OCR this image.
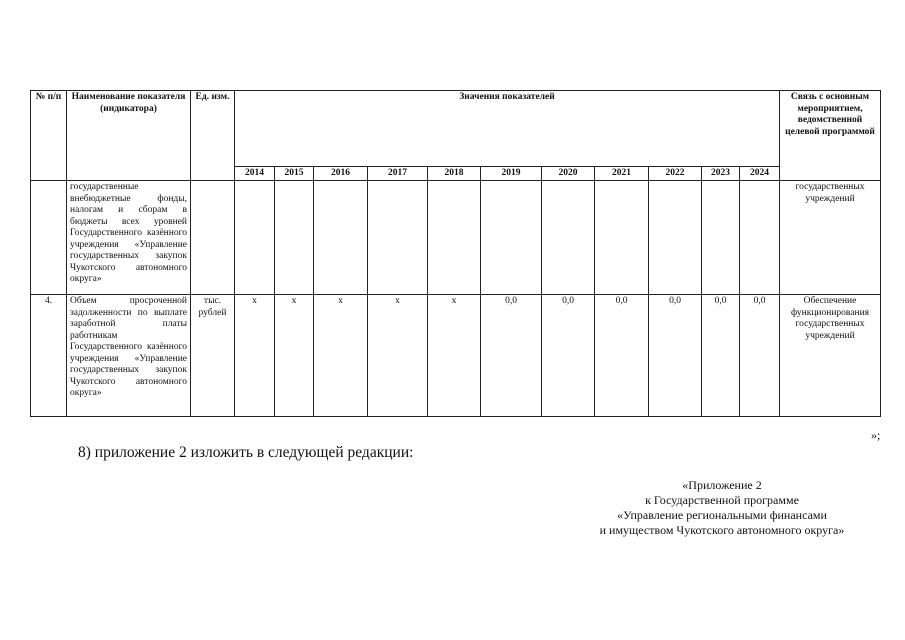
№ п/п	Наименование показателя (индикатора)	Ед. изм.	Значения показателей											Связь с основным мероприятием, ведомственной целевой программой
			2014	2015	2016	2017	2018	2019	2020	2021	2022	2023	2024	
	государственные внебюджетные фонды, налогам и сборам в бюджеты всех уровней Государственного казённого учреждения «Управление государственных закупок Чукотского автономного округа»													государственных учреждений
4.	Объем просроченной задолженности по выплате заработной платы работникам Государственного казённого учреждения «Управление государственных закупок Чукотского автономного округа»	тыс. рублей	х	х	х	х	х	0,0	0,0	0,0	0,0	0,0	0,0	Обеспечение функционирования государственных учреждений
»;
8) приложение 2 изложить в следующей редакции:
«Приложение 2
к Государственной программе
«Управление региональными финансами
и имуществом Чукотского автономного округа»
